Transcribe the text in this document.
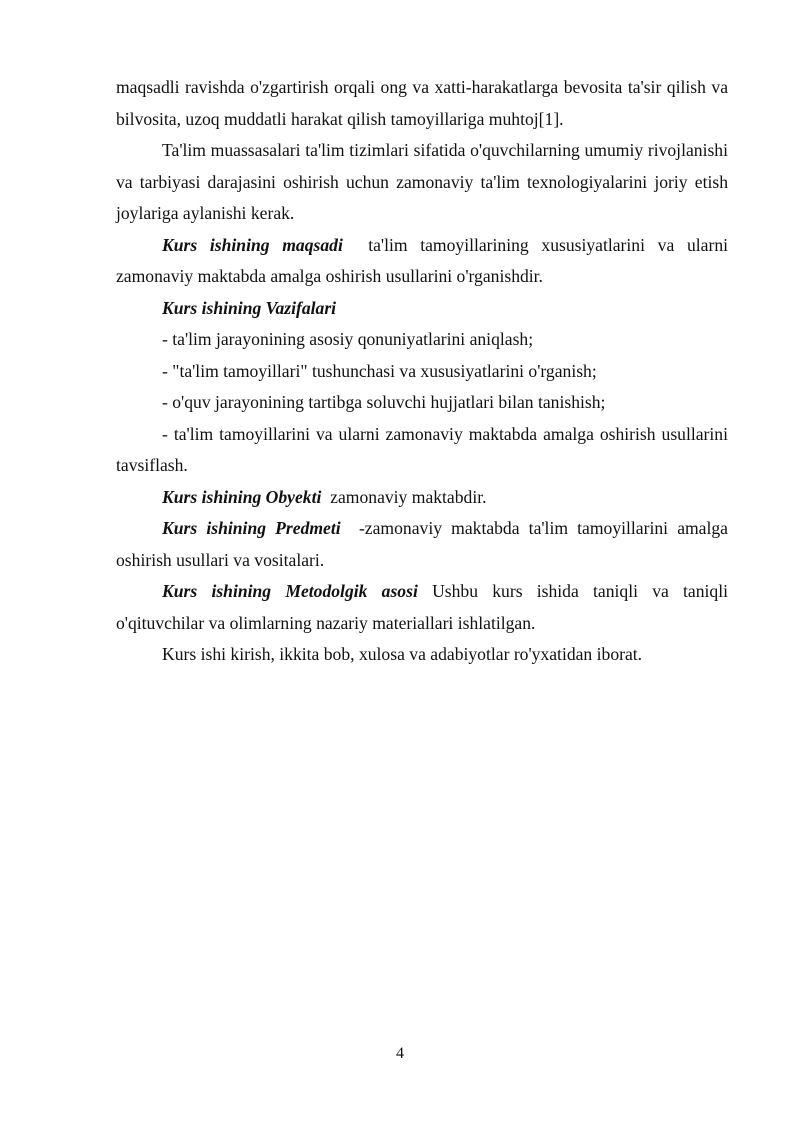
maqsadli ravishda o'zgartirish orqali ong va xatti-harakatlarga bevosita ta'sir qilish va bilvosita, uzoq muddatli harakat qilish tamoyillariga muhtoj[1].

Ta'lim muassasalari ta'lim tizimlari sifatida o'quvchilarning umumiy rivojlanishi va tarbiyasi darajasini oshirish uchun zamonaviy ta'lim texnologiyalarini joriy etish joylariga aylanishi kerak.

Kurs ishining maqsadi  ta'lim tamoyillarining xususiyatlarini va ularni zamonaviy maktabda amalga oshirish usullarini o'rganishdir.

Kurs ishining Vazifalari

- ta'lim jarayonining asosiy qonuniyatlarini aniqlash;

- "ta'lim tamoyillari" tushunchasi va xususiyatlarini o'rganish;

- o'quv jarayonining tartibga soluvchi hujjatlari bilan tanishish;

- ta'lim tamoyillarini va ularni zamonaviy maktabda amalga oshirish usullarini tavsiflash.

Kurs ishining Obyekti  zamonaviy maktabdir.

Kurs ishining Predmeti  -zamonaviy maktabda ta'lim tamoyillarini amalga oshirish usullari va vositalari.

Kurs ishining Metodolgik asosi Ushbu kurs ishida taniqli va taniqli o'qituvchilar va olimlarning nazariy materiallari ishlatilgan.

Kurs ishi kirish, ikkita bob, xulosa va adabiyotlar ro'yxatidan iborat.

4
